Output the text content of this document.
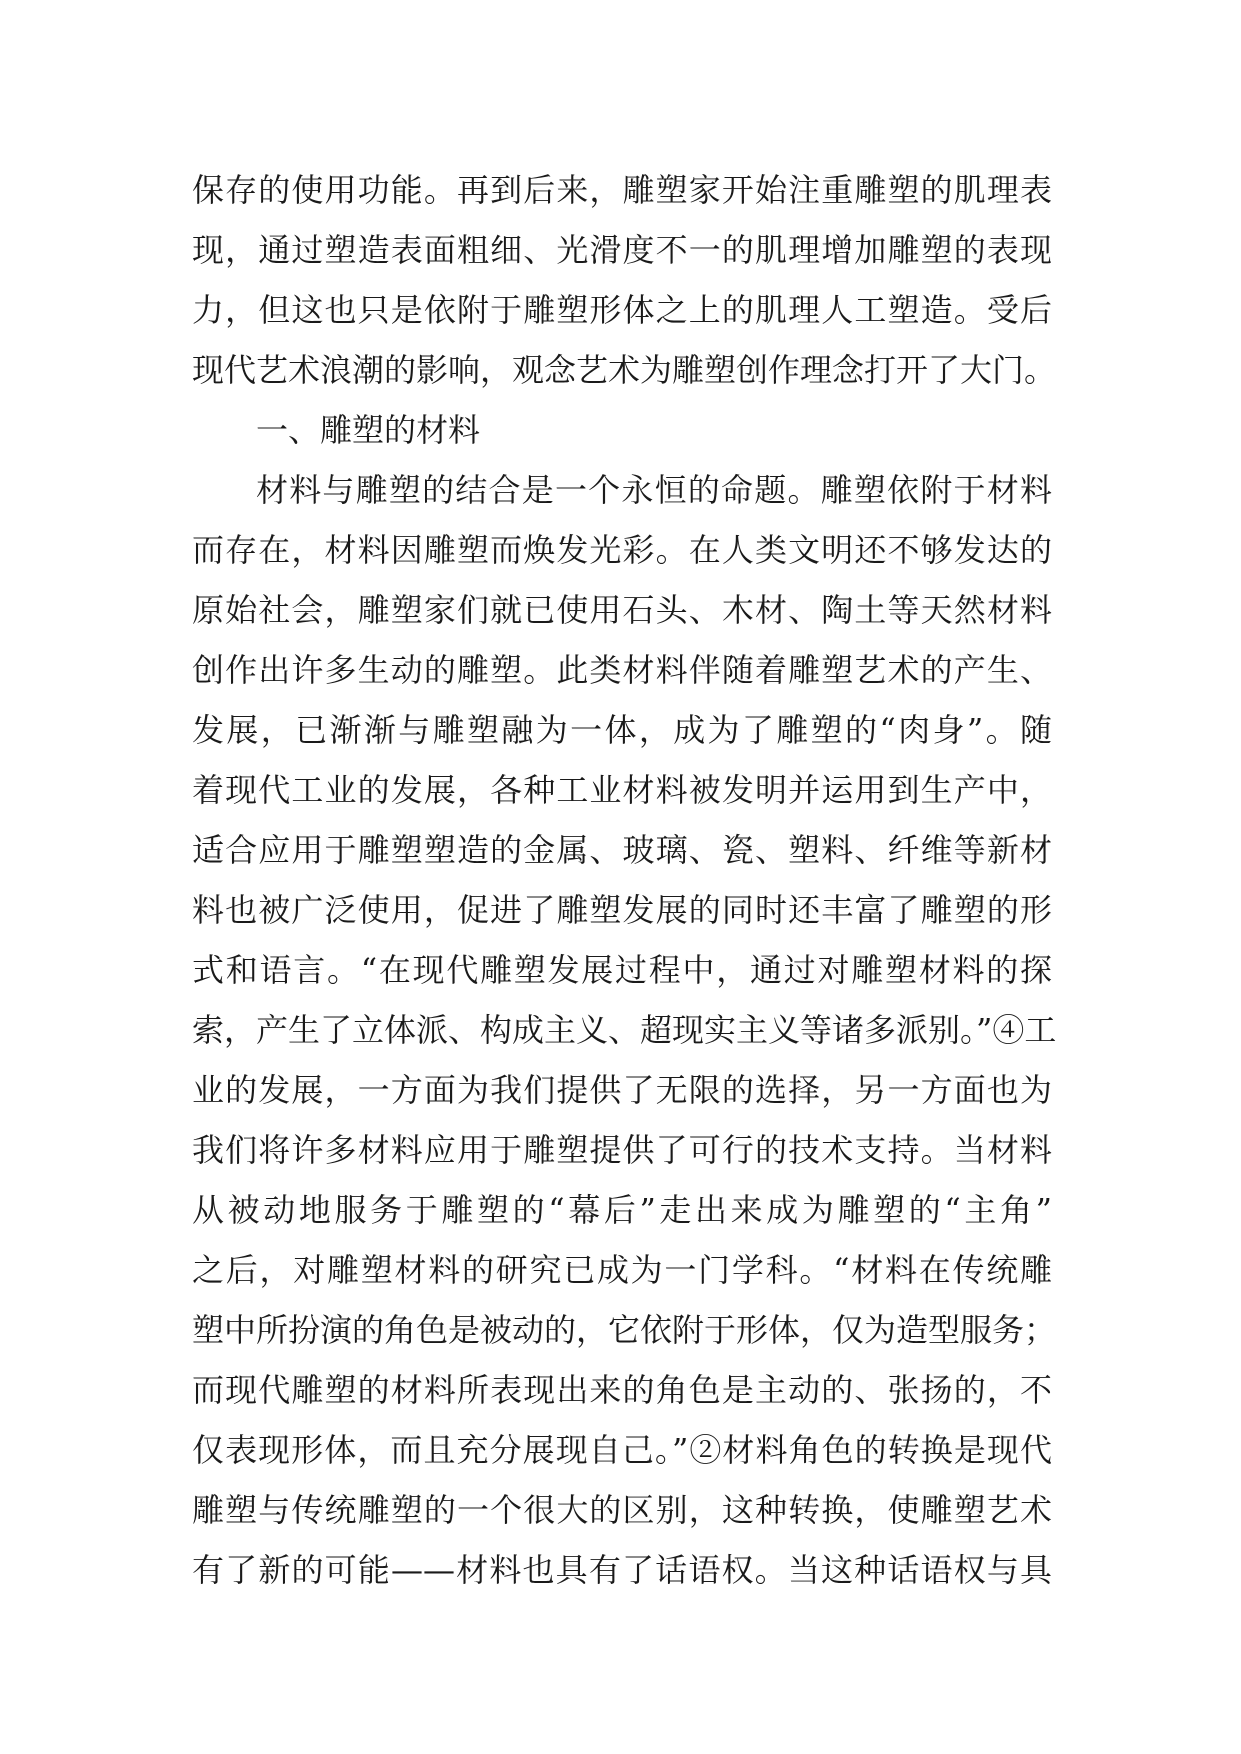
保存的使用功能。再到后来，雕塑家开始注重雕塑的肌理表

现，通过塑造表面粗细、光滑度不一的肌理增加雕塑的表现

力，但这也只是依附于雕塑形体之上的肌理人工塑造。受后

现代艺术浪潮的影响，观念艺术为雕塑创作理念打开了大门。

一、雕塑的材料

材料与雕塑的结合是一个永恒的命题。雕塑依附于材料

而存在，材料因雕塑而焕发光彩。在人类文明还不够发达的

原始社会，雕塑家们就已使用石头、木材、陶土等天然材料

创作出许多生动的雕塑。此类材料伴随着雕塑艺术的产生、

发展，已渐渐与雕塑融为一体，成为了雕塑的“肉身”。随

着现代工业的发展，各种工业材料被发明并运用到生产中，

适合应用于雕塑塑造的金属、玻璃、瓷、塑料、纤维等新材

料也被广泛使用，促进了雕塑发展的同时还丰富了雕塑的形

式和语言。“在现代雕塑发展过程中，通过对雕塑材料的探

索，产生了立体派、构成主义、超现实主义等诸多派别。”④工

业的发展，一方面为我们提供了无限的选择，另一方面也为

我们将许多材料应用于雕塑提供了可行的技术支持。当材料

从被动地服务于雕塑的“幕后”走出来成为雕塑的“主角”

之后，对雕塑材料的研究已成为一门学科。“材料在传统雕

塑中所扮演的角色是被动的，它依附于形体，仅为造型服务；

而现代雕塑的材料所表现出来的角色是主动的、张扬的，不

仅表现形体，而且充分展现自己。”②材料角色的转换是现代

雕塑与传统雕塑的一个很大的区别，这种转换，使雕塑艺术

有了新的可能——材料也具有了话语权。当这种话语权与具
